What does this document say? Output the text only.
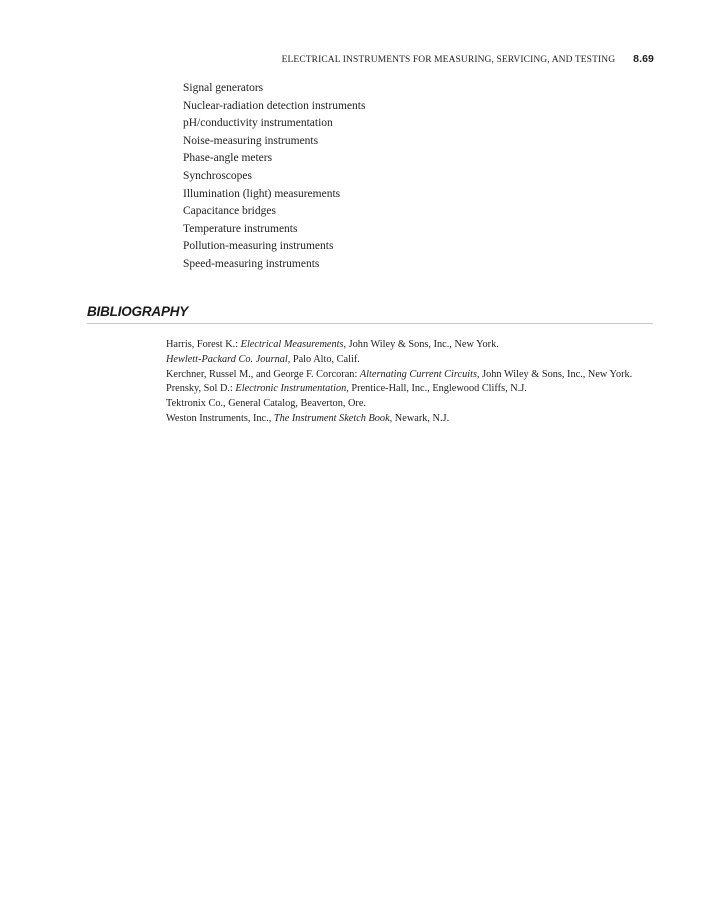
ELECTRICAL INSTRUMENTS FOR MEASURING, SERVICING, AND TESTING 8.69
Signal generators
Nuclear-radiation detection instruments
pH/conductivity instrumentation
Noise-measuring instruments
Phase-angle meters
Synchroscopes
Illumination (light) measurements
Capacitance bridges
Temperature instruments
Pollution-measuring instruments
Speed-measuring instruments
BIBLIOGRAPHY
Harris, Forest K.: Electrical Measurements, John Wiley & Sons, Inc., New York.
Hewlett-Packard Co. Journal, Palo Alto, Calif.
Kerchner, Russel M., and George F. Corcoran: Alternating Current Circuits, John Wiley & Sons, Inc., New York.
Prensky, Sol D.: Electronic Instrumentation, Prentice-Hall, Inc., Englewood Cliffs, N.J.
Tektronix Co., General Catalog, Beaverton, Ore.
Weston Instruments, Inc., The Instrument Sketch Book, Newark, N.J.
